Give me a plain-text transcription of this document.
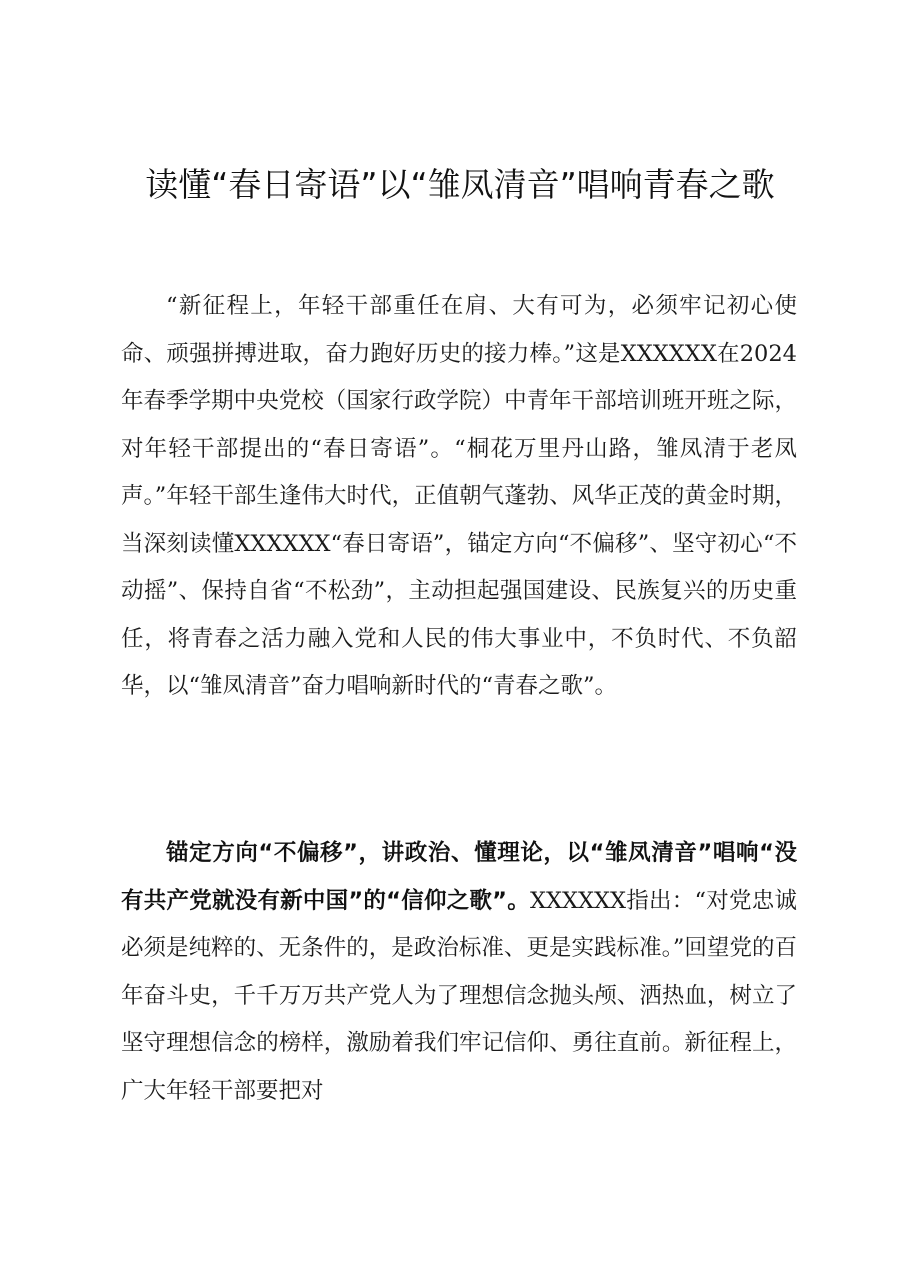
读懂“春日寄语”以“雏凤清音”唱响青春之歌

“新征程上，年轻干部重任在肩、大有可为，必须牢记初心使命、顽强拼搏进取，奋力跑好历史的接力棒。”这是XXXXXX在2024年春季学期中央党校（国家行政学院）中青年干部培训班开班之际，对年轻干部提出的“春日寄语”。“桐花万里丹山路，雏凤清于老凤声。”年轻干部生逢伟大时代，正值朝气蓬勃、风华正茂的黄金时期，当深刻读懂XXXXXX“春日寄语”，锚定方向“不偏移”、坚守初心“不动摇”、保持自省“不松劲”，主动担起强国建设、民族复兴的历史重任，将青春之活力融入党和人民的伟大事业中，不负时代、不负韶华，以“雏凤清音”奋力唱响新时代的“青春之歌”。

锚定方向“不偏移”，讲政治、懂理论，以“雏凤清音”唱响“没有共产党就没有新中国”的“信仰之歌”。XXXXXX指出：“对党忠诚必须是纯粹的、无条件的，是政治标准、更是实践标准。”回望党的百年奋斗史，千千万万共产党人为了理想信念抛头颅、洒热血，树立了坚守理想信念的榜样，激励着我们牢记信仰、勇往直前。新征程上，广大年轻干部要把对
